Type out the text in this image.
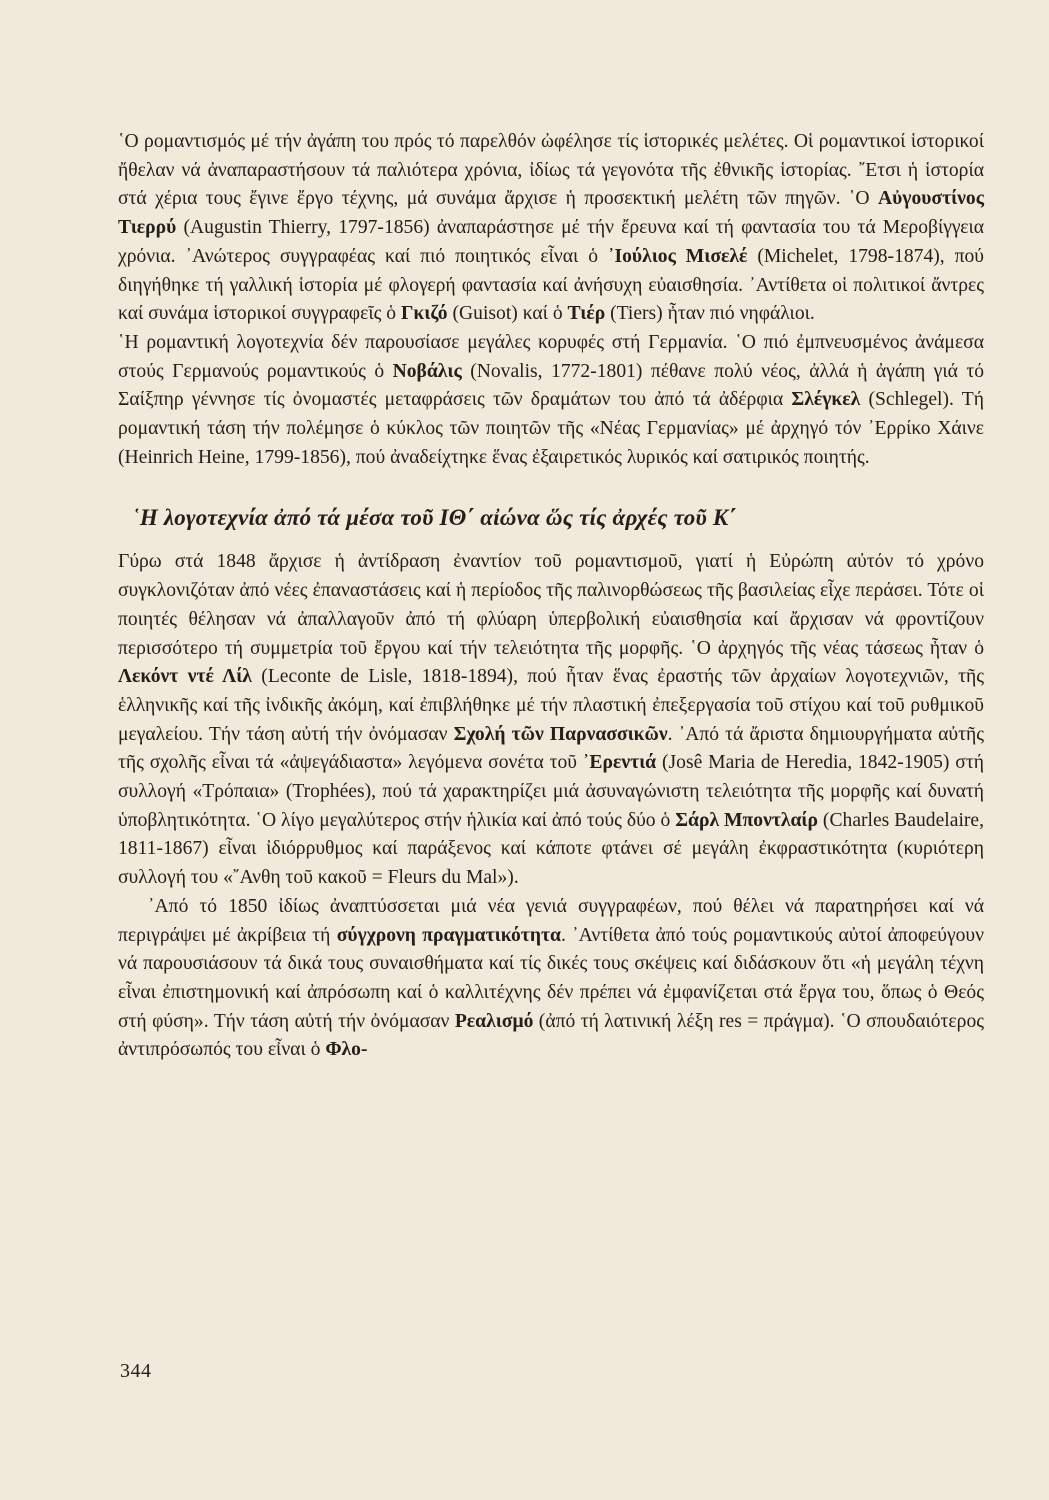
῾Ο ρομαντισμός μέ τήν ἀγάπη του πρός τό παρελθόν ὠφέλησε τίς ἱστορικές μελέτες. Οἱ ρομαντικοί ἱστορικοί ἤθελαν νά ἀναπαραστήσουν τά παλιότερα χρόνια, ἰδίως τά γεγονότα τῆς ἐθνικῆς ἱστορίας. ῎Ετσι ἡ ἱστορία στά χέρια τους ἔγινε ἔργο τέχνης, μά συνάμα ἄρχισε ἡ προσεκτική μελέτη τῶν πηγῶν. ῾Ο Αὐγουστίνος Τιερρύ (Augustin Thierry, 1797-1856) ἀναπαράστησε μέ τήν ἔρευνα καί τή φαντασία του τά Μεροβίγγεια χρόνια. ᾿Ανώτερος συγγραφέας καί πιό ποιητικός εἶναι ὁ ᾿Ιούλιος Μισελέ (Michelet, 1798-1874), πού διηγήθηκε τή γαλλική ἱστορία μέ φλογερή φαντασία καί ἀνήσυχη εὐαισθησία. ᾿Αντίθετα οἱ πολιτικοί ἄντρες καί συνάμα ἱστορικοί συγγραφεῖς ὁ Γκιζό (Guisot) καί ὁ Τιέρ (Tiers) ἦταν πιό νηφάλιοι.

῾Η ρομαντική λογοτεχνία δέν παρουσίασε μεγάλες κορυφές στή Γερμανία. ῾Ο πιό ἐμπνευσμένος ἀνάμεσα στούς Γερμανούς ρομαντικούς ὁ Νοβάλις (Novalis, 1772-1801) πέθανε πολύ νέος, ἀλλά ἡ ἀγάπη γιά τό Σαίξπηρ γέννησε τίς ὀνομαστές μεταφράσεις τῶν δραμάτων του ἀπό τά ἀδέρφια Σλέγκελ (Schlegel). Τή ρομαντική τάση τήν πολέμησε ὁ κύκλος τῶν ποιητῶν τῆς «Νέας Γερμανίας» μέ ἀρχηγό τόν ᾿Ερρίκο Χάινε (Heinrich Heine, 1799-1856), πού ἀναδείχτηκε ἕνας ἐξαιρετικός λυρικός καί σατιρικός ποιητής.

῾Η λογοτεχνία ἀπό τά μέσα τοῦ ΙΘ΄ αἰώνα ὥς τίς ἀρχές τοῦ Κ΄

Γύρω στά 1848 ἄρχισε ἡ ἀντίδραση ἐναντίον τοῦ ρομαντισμοῦ, γιατί ἡ Εὐρώπη αὐτόν τό χρόνο συγκλονιζόταν ἀπό νέες ἐπαναστάσεις καί ἡ περίοδος τῆς παλινορθώσεως τῆς βασιλείας εἶχε περάσει. Τότε οἱ ποιητές θέλησαν νά ἀπαλλαγοῦν ἀπό τή φλύαρη ὑπερβολική εὐαισθησία καί ἄρχισαν νά φροντίζουν περισσότερο τή συμμετρία τοῦ ἔργου καί τήν τελειότητα τῆς μορφῆς. ῾Ο ἀρχηγός τῆς νέας τάσεως ἦταν ὁ Λεκόντ ντέ Λίλ (Leconte de Lisle, 1818-1894), πού ἦταν ἕνας ἐραστής τῶν ἀρχαίων λογοτεχνιῶν, τῆς ἑλληνικῆς καί τῆς ἰνδικῆς ἀκόμη, καί ἐπιβλήθηκε μέ τήν πλαστική ἐπεξεργασία τοῦ στίχου καί τοῦ ρυθμικοῦ μεγαλείου. Τήν τάση αὐτή τήν ὀνόμασαν Σχολή τῶν Παρνασσικῶν. ᾿Από τά ἄριστα δημιουργήματα αὐτῆς τῆς σχολῆς εἶναι τά «ἀψεγάδιαστα» λεγόμενα σονέτα τοῦ ᾿Ερεντιά (Josê Maria de Heredia, 1842-1905) στή συλλογή «Τρόπαια» (Trophées), πού τά χαρακτηρίζει μιά ἀσυναγώνιστη τελειότητα τῆς μορφῆς καί δυνατή ὑποβλητικότητα. ῾Ο λίγο μεγαλύτερος στήν ἡλικία καί ἀπό τούς δύο ὁ Σάρλ Μποντλαίρ (Charles Baudelaire, 1811-1867) εἶναι ἰδιόρρυθμος καί παράξενος καί κάποτε φτάνει σέ μεγάλη ἐκφραστικότητα (κυριότερη συλλογή του «῎Ανθη τοῦ κακοῦ = Fleurs du Mal»).

᾿Από τό 1850 ἰδίως ἀναπτύσσεται μιά νέα γενιά συγγραφέων, πού θέλει νά παρατηρήσει καί νά περιγράψει μέ ἀκρίβεια τή σύγχρονη πραγματικότητα. ᾿Αντίθετα ἀπό τούς ρομαντικούς αὐτοί ἀποφεύγουν νά παρουσιάσουν τά δικά τους συναισθήματα καί τίς δικές τους σκέψεις καί διδάσκουν ὅτι «ἡ μεγάλη τέχνη εἶναι ἐπιστημονική καί ἀπρόσωπη καί ὁ καλλιτέχνης δέν πρέπει νά ἐμφανίζεται στά ἔργα του, ὅπως ὁ Θεός στή φύση». Τήν τάση αὐτή τήν ὀνόμασαν Ρεαλισμό (ἀπό τή λατινική λέξη res = πράγμα). ῾Ο σπουδαιότερος ἀντιπρόσωπός του εἶναι ὁ Φλο-

344
